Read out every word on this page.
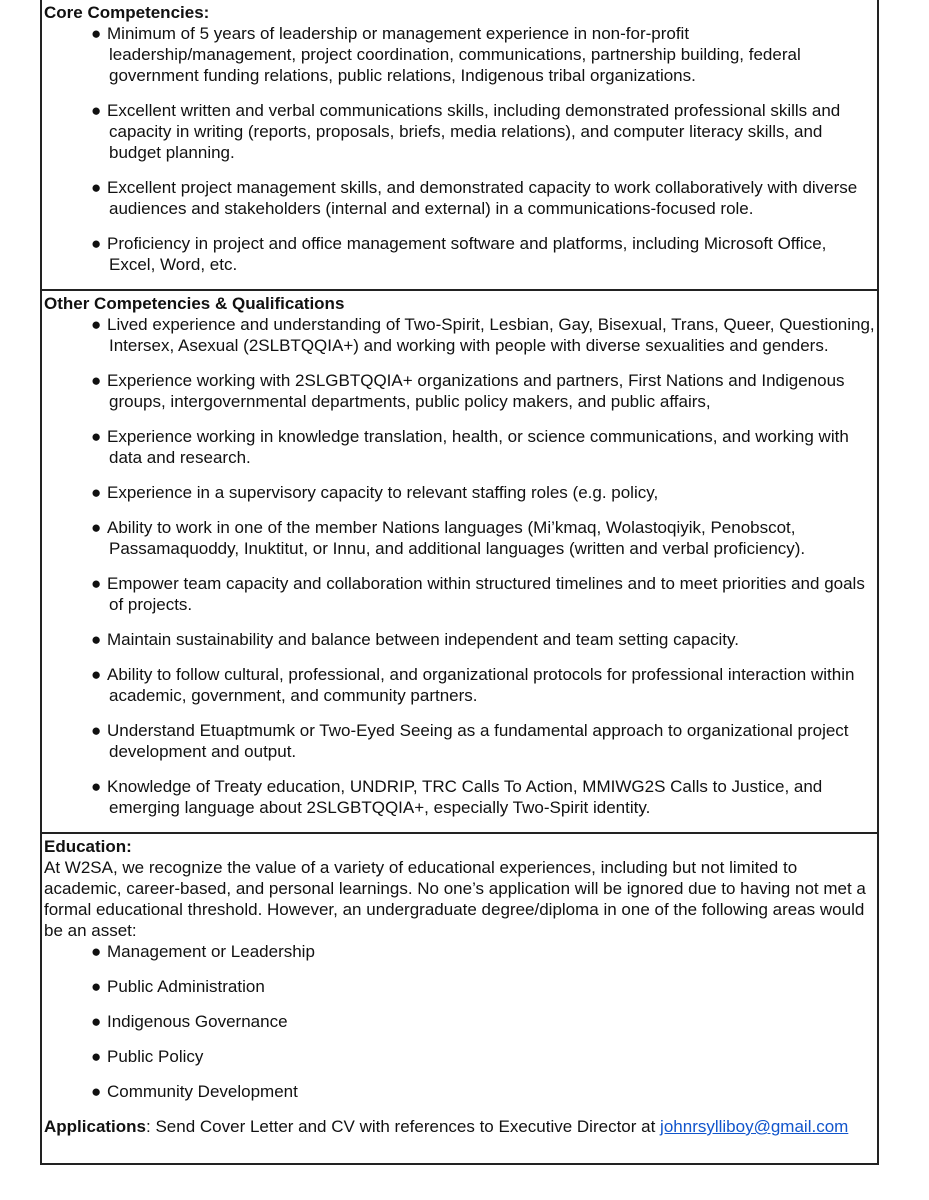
Core Competencies:
● Minimum of 5 years of leadership or management experience in non-for-profit leadership/management, project coordination, communications, partnership building, federal government funding relations, public relations, Indigenous tribal organizations.
● Excellent written and verbal communications skills, including demonstrated professional skills and capacity in writing (reports, proposals, briefs, media relations), and computer literacy skills, and budget planning.
● Excellent project management skills, and demonstrated capacity to work collaboratively with diverse audiences and stakeholders (internal and external) in a communications-focused role.
● Proficiency in project and office management software and platforms, including Microsoft Office, Excel, Word, etc.
Other Competencies & Qualifications
● Lived experience and understanding of Two-Spirit, Lesbian, Gay, Bisexual, Trans, Queer, Questioning, Intersex, Asexual (2SLBTQQIA+) and working with people with diverse sexualities and genders.
● Experience working with 2SLGBTQQIA+ organizations and partners, First Nations and Indigenous groups, intergovernmental departments, public policy makers, and public affairs,
● Experience working in knowledge translation, health, or science communications, and working with data and research.
● Experience in a supervisory capacity to relevant staffing roles (e.g. policy,
● Ability to work in one of the member Nations languages (Mi’kmaq, Wolastoqiyik, Penobscot, Passamaquoddy, Inuktitut, or Innu, and additional languages (written and verbal proficiency).
● Empower team capacity and collaboration within structured timelines and to meet priorities and goals of projects.
● Maintain sustainability and balance between independent and team setting capacity.
● Ability to follow cultural, professional, and organizational protocols for professional interaction within academic, government, and community partners.
● Understand Etuaptmumk or Two-Eyed Seeing as a fundamental approach to organizational project development and output.
● Knowledge of Treaty education, UNDRIP, TRC Calls To Action, MMIWG2S Calls to Justice, and emerging language about 2SLGBTQQIA+, especially Two-Spirit identity.
Education:
At W2SA, we recognize the value of a variety of educational experiences, including but not limited to academic, career-based, and personal learnings. No one’s application will be ignored due to having not met a formal educational threshold. However, an undergraduate degree/diploma in one of the following areas would be an asset:
● Management or Leadership
● Public Administration
● Indigenous Governance
● Public Policy
● Community Development
Applications: Send Cover Letter and CV with references to Executive Director at johnrsylliboy@gmail.com
